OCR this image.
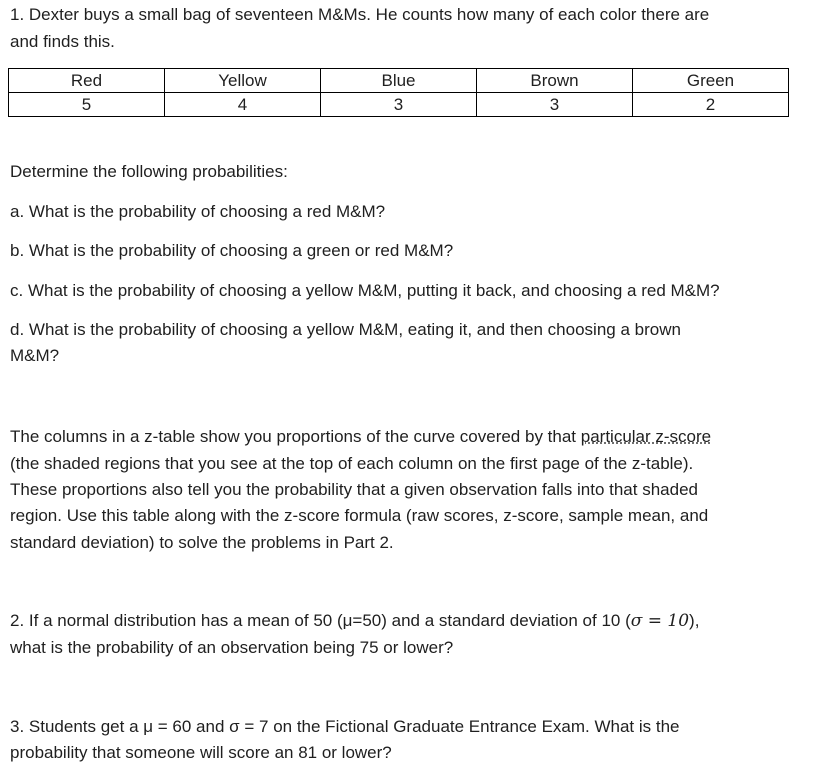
1. Dexter buys a small bag of seventeen M&Ms. He counts how many of each color there are

and finds this.

Red	Yellow	Blue	Brown	Green
5	4	3	3	2

Determine the following probabilities:

a. What is the probability of choosing a red M&M?

b. What is the probability of choosing a green or red M&M?

c. What is the probability of choosing a yellow M&M, putting it back, and choosing a red M&M?

d. What is the probability of choosing a yellow M&M, eating it, and then choosing a brown

M&M?

The columns in a z-table show you proportions of the curve covered by that particular z-score

(the shaded regions that you see at the top of each column on the first page of the z-table).

These proportions also tell you the probability that a given observation falls into that shaded

region. Use this table along with the z-score formula (raw scores, z-score, sample mean, and

standard deviation) to solve the problems in Part 2.

2. If a normal distribution has a mean of 50 (μ=50) and a standard deviation of 10 (σ = 10),

what is the probability of an observation being 75 or lower?

3. Students get a μ = 60 and σ = 7 on the Fictional Graduate Entrance Exam. What is the

probability that someone will score an 81 or lower?
